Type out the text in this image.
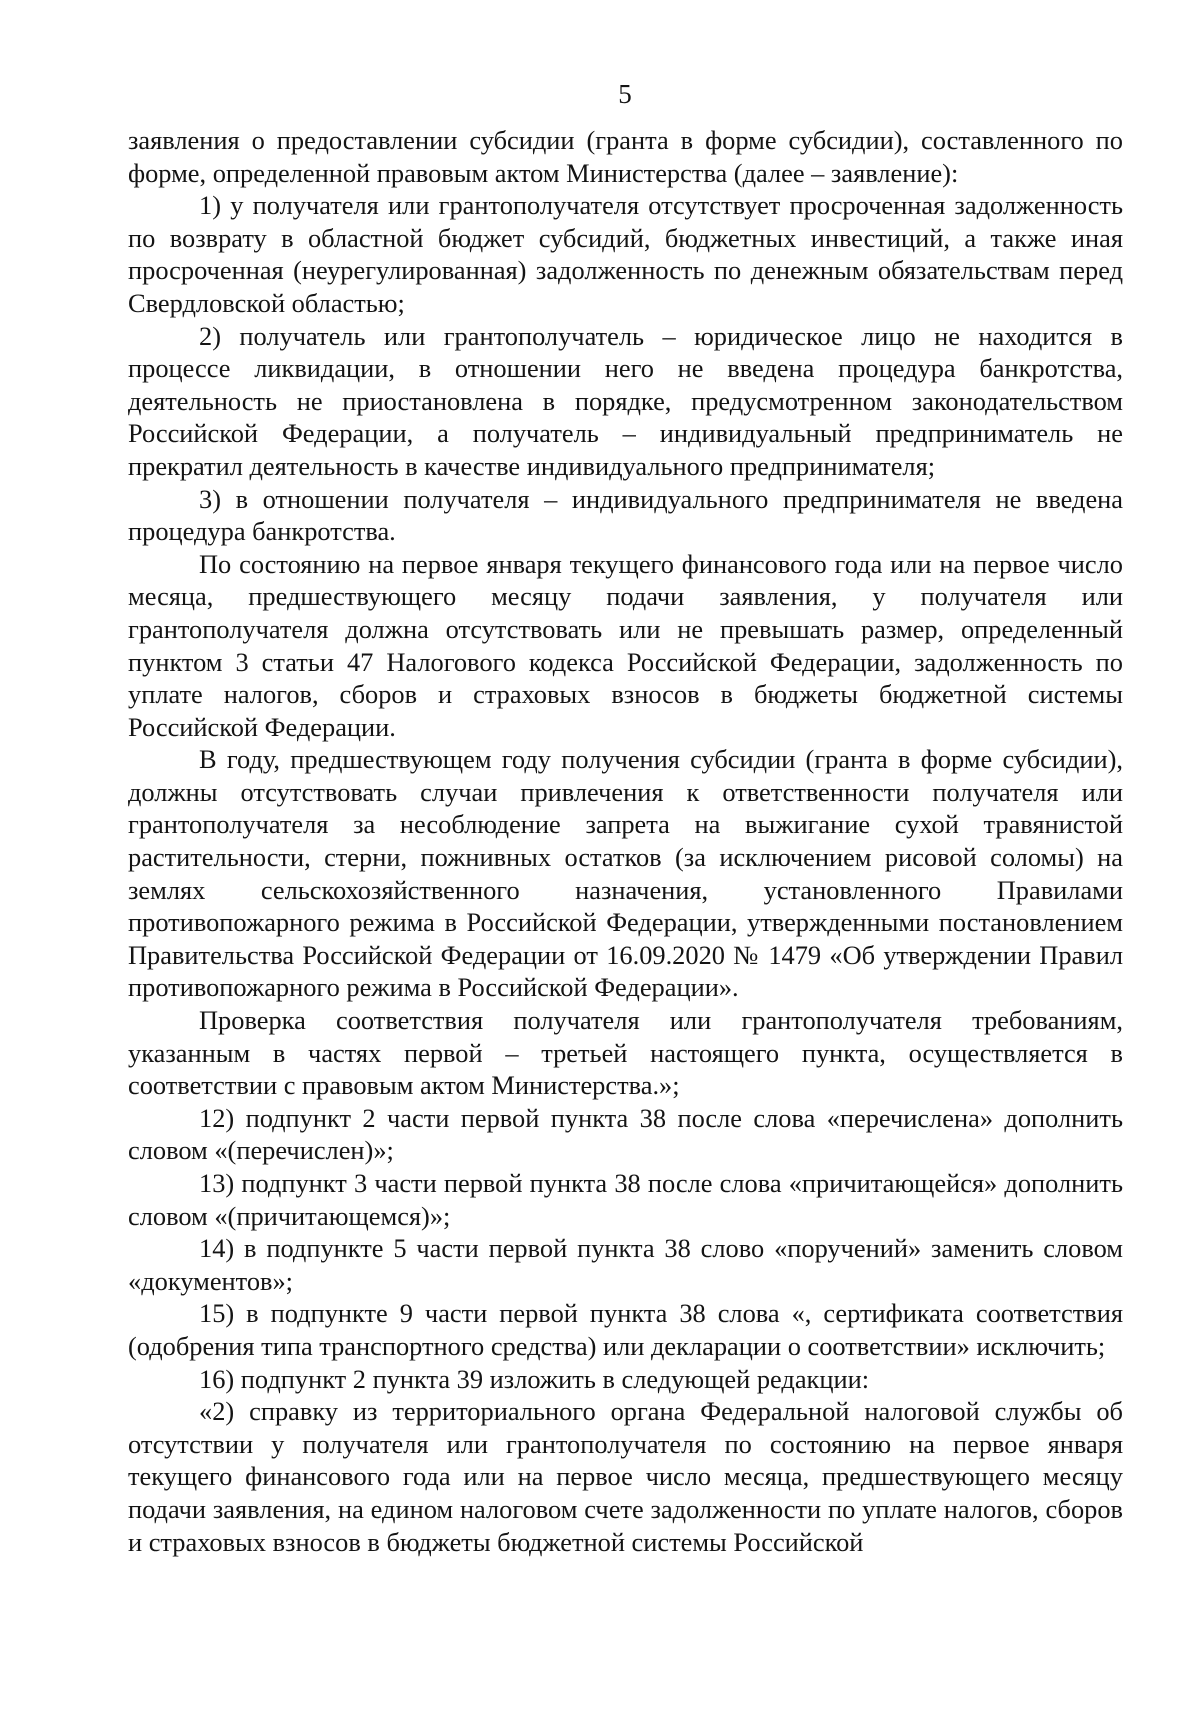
5

заявления о предоставлении субсидии (гранта в форме субсидии), составленного по форме, определенной правовым актом Министерства (далее – заявление):

1) у получателя или грантополучателя отсутствует просроченная задолженность по возврату в областной бюджет субсидий, бюджетных инвестиций, а также иная просроченная (неурегулированная) задолженность по денежным обязательствам перед Свердловской областью;

2) получатель или грантополучатель – юридическое лицо не находится в процессе ликвидации, в отношении него не введена процедура банкротства, деятельность не приостановлена в порядке, предусмотренном законодательством Российской Федерации, а получатель – индивидуальный предприниматель не прекратил деятельность в качестве индивидуального предпринимателя;

3) в отношении получателя – индивидуального предпринимателя не введена процедура банкротства.

По состоянию на первое января текущего финансового года или на первое число месяца, предшествующего месяцу подачи заявления, у получателя или грантополучателя должна отсутствовать или не превышать размер, определенный пунктом 3 статьи 47 Налогового кодекса Российской Федерации, задолженность по уплате налогов, сборов и страховых взносов в бюджеты бюджетной системы Российской Федерации.

В году, предшествующем году получения субсидии (гранта в форме субсидии), должны отсутствовать случаи привлечения к ответственности получателя или грантополучателя за несоблюдение запрета на выжигание сухой травянистой растительности, стерни, пожнивных остатков (за исключением рисовой соломы) на землях сельскохозяйственного назначения, установленного Правилами противопожарного режима в Российской Федерации, утвержденными постановлением Правительства Российской Федерации от 16.09.2020 № 1479 «Об утверждении Правил противопожарного режима в Российской Федерации».

Проверка соответствия получателя или грантополучателя требованиям, указанным в частях первой – третьей настоящего пункта, осуществляется в соответствии с правовым актом Министерства.»;

12) подпункт 2 части первой пункта 38 после слова «перечислена» дополнить словом «(перечислен)»;

13) подпункт 3 части первой пункта 38 после слова «причитающейся» дополнить словом «(причитающемся)»;

14) в подпункте 5 части первой пункта 38 слово «поручений» заменить словом «документов»;

15) в подпункте 9 части первой пункта 38 слова «, сертификата соответствия (одобрения типа транспортного средства) или декларации о соответствии» исключить;

16) подпункт 2 пункта 39 изложить в следующей редакции:

«2) справку из территориального органа Федеральной налоговой службы об отсутствии у получателя или грантополучателя по состоянию на первое января текущего финансового года или на первое число месяца, предшествующего месяцу подачи заявления, на едином налоговом счете задолженности по уплате налогов, сборов и страховых взносов в бюджеты бюджетной системы Российской
